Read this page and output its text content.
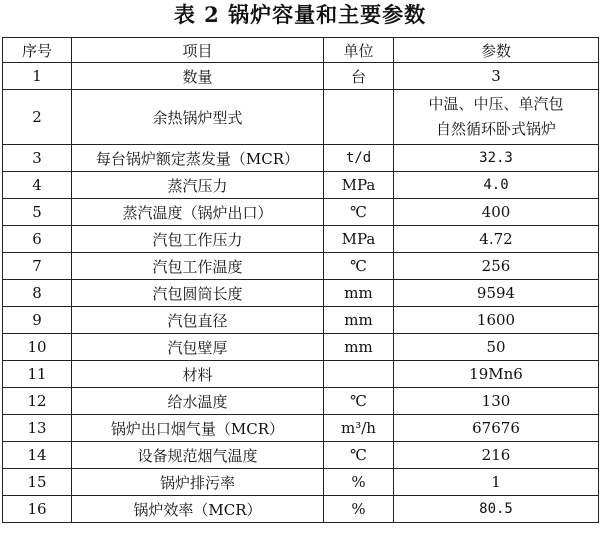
表 2 锅炉容量和主要参数
序号	项目	单位	参数
1	数量	台	3
2	余热锅炉型式		中温、中压、单汽包
自然循环卧式锅炉

3	每台锅炉额定蒸发量（MCR）	t/d	32.3
4	蒸汽压力	MPa	4.0
5	蒸汽温度（锅炉出口）	℃	400
6	汽包工作压力	MPa	4.72
7	汽包工作温度	℃	256
8	汽包圆筒长度	mm	9594
9	汽包直径	mm	1600
10	汽包壁厚	mm	50
11	材料		19Mn6
12	给水温度	℃	130
13	锅炉出口烟气量（MCR）	m³/h	67676
14	设备规范烟气温度	℃	216
15	锅炉排污率	%	1
16	锅炉效率（MCR）	%	80.5
